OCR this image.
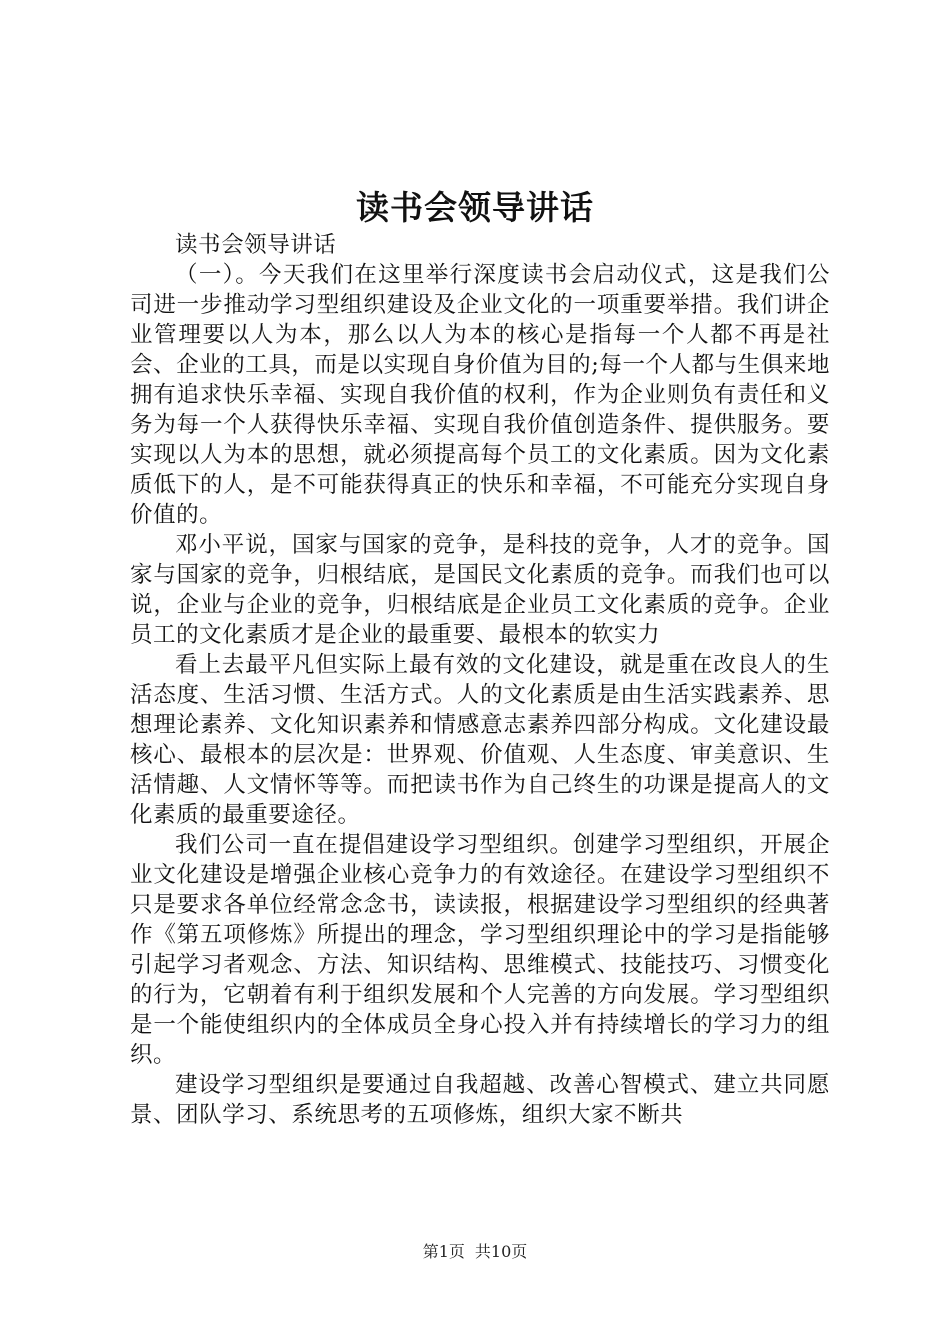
读书会领导讲话
读书会领导讲话

（一）。今天我们在这里举行深度读书会启动仪式，这是我们公司进一步推动学习型组织建设及企业文化的一项重要举措。我们讲企业管理要以人为本，那么以人为本的核心是指每一个人都不再是社会、企业的工具，而是以实现自身价值为目的;每一个人都与生俱来地拥有追求快乐幸福、实现自我价值的权利，作为企业则负有责任和义务为每一个人获得快乐幸福、实现自我价值创造条件、提供服务。要实现以人为本的思想，就必须提高每个员工的文化素质。因为文化素质低下的人，是不可能获得真正的快乐和幸福，不可能充分实现自身价值的。

邓小平说，国家与国家的竞争，是科技的竞争，人才的竞争。国家与国家的竞争，归根结底，是国民文化素质的竞争。而我们也可以说，企业与企业的竞争，归根结底是企业员工文化素质的竞争。企业员工的文化素质才是企业的最重要、最根本的软实力

看上去最平凡但实际上最有效的文化建设，就是重在改良人的生活态度、生活习惯、生活方式。人的文化素质是由生活实践素养、思想理论素养、文化知识素养和情感意志素养四部分构成。文化建设最核心、最根本的层次是：世界观、价值观、人生态度、审美意识、生活情趣、人文情怀等等。而把读书作为自己终生的功课是提高人的文化素质的最重要途径。

我们公司一直在提倡建设学习型组织。创建学习型组织，开展企业文化建设是增强企业核心竞争力的有效途径。在建设学习型组织不只是要求各单位经常念念书，读读报，根据建设学习型组织的经典著作《第五项修炼》所提出的理念，学习型组织理论中的学习是指能够引起学习者观念、方法、知识结构、思维模式、技能技巧、习惯变化的行为，它朝着有利于组织发展和个人完善的方向发展。学习型组织是一个能使组织内的全体成员全身心投入并有持续增长的学习力的组织。

建设学习型组织是要通过自我超越、改善心智模式、建立共同愿景、团队学习、系统思考的五项修炼，组织大家不断共

第1页 共10页
